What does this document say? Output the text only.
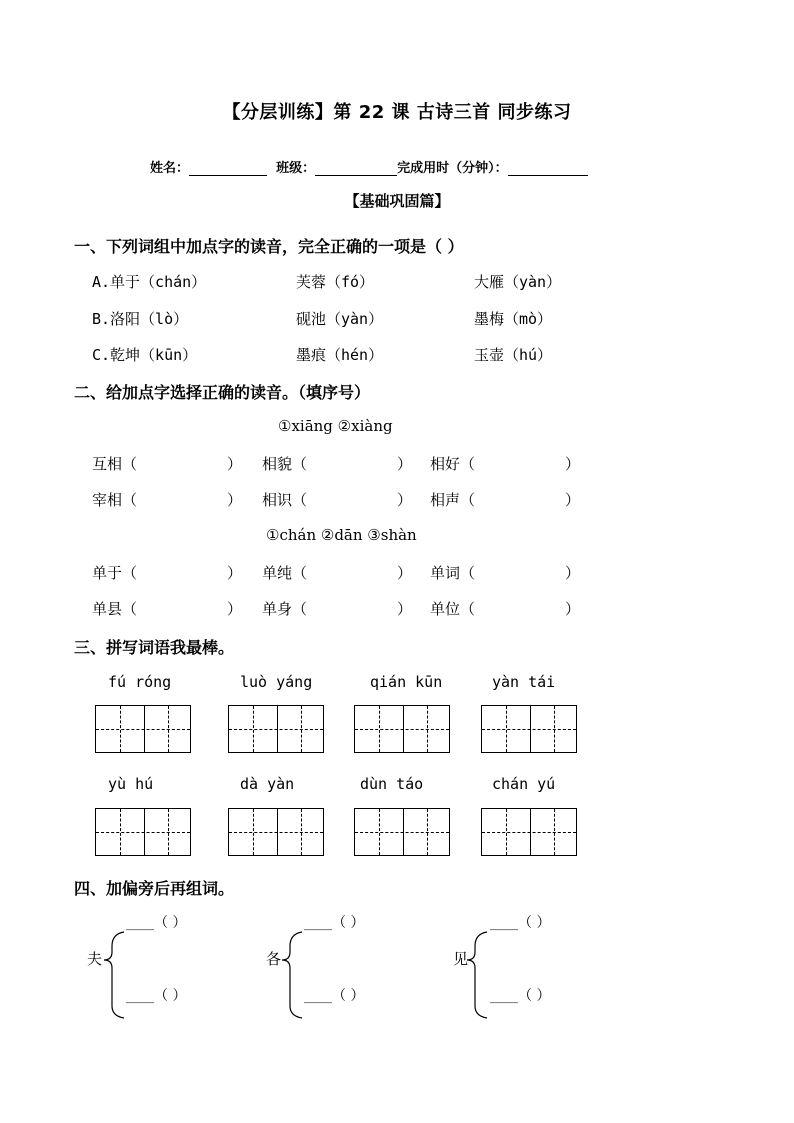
【分层训练】第 22 课 古诗三首 同步练习
姓名：	班级：	完成用时（分钟）：
【基础巩固篇】
一、下列词组中加点字的读音，完全正确的一项是（ ）
A.单于（chán）	芙蓉（fó）	大雁（yàn）
B.洛阳（lò）	砚池（yàn）	墨梅（mò）
C.乾坤（kūn）	墨痕（hén）	玉壶（hú）
二、给加点字选择正确的读音。（填序号）
①xiāng ②xiàng
互相（	） 相貌（	） 相好（	）
宰相（	） 相识（	） 相声（	）
①chán ②dān ③shàn
单于（	） 单纯（	） 单词（	）
单县（	） 单身（	） 单位（	）
三、拼写词语我最棒。
fú róng	luò yáng	qián kūn	yàn tái
yù hú	dà yàn	dùn táo	chán yú
四、加偏旁后再组词。
夫	各	见
____（ ）
____（ ）
____（ ）
____（ ）
____（ ）
____（ ）
